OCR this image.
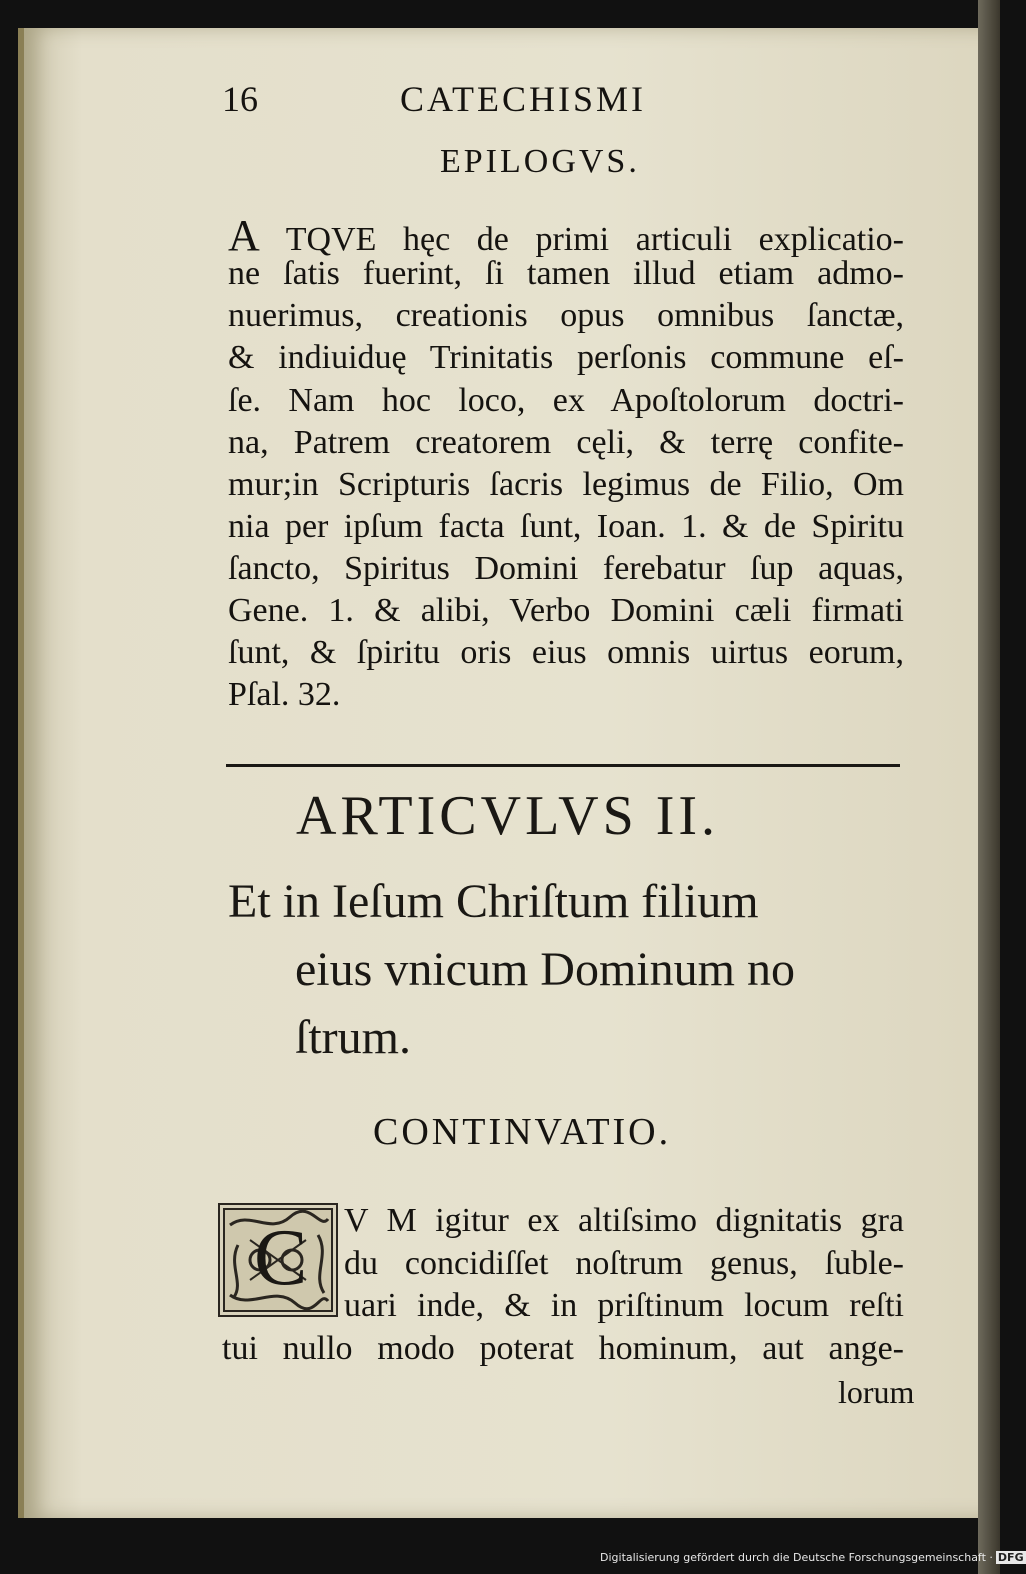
16	CATECHISMI
EPILOGVS.
A TQVE hęc de primi articuli explicatio-
ne ſatis fuerint, ſi tamen illud etiam admo-
nuerimus, creationis opus omnibus ſanctæ,
& indiuiduę Trinitatis perſonis commune eſ-
ſe. Nam hoc loco, ex Apoſtolorum doctri-
na, Patrem creatorem cęli, & terrę confite-
mur;in Scripturis ſacris legimus de Filio, Om
nia per ipſum facta ſunt, Ioan. 1. & de Spiritu
ſancto, Spiritus Domini ferebatur ſup aquas,
Gene. 1. & alibi, Verbo Domini cæli firmati
ſunt, & ſpiritu oris eius omnis uirtus eorum,
Pſal. 32.
ARTICVLVS II.
Et in Ieſum Chriſtum filium
eius vnicum Dominum no
ſtrum.
CONTINVATIO.
C V M igitur ex altiſsimo dignitatis gra
du concidiſſet noſtrum genus, ſuble-
uari inde, & in priſtinum locum reſti
tui nullo modo poterat hominum, aut ange-
lorum
Digitalisierung gefördert durch die Deutsche Forschungsgemeinschaft · DFG
